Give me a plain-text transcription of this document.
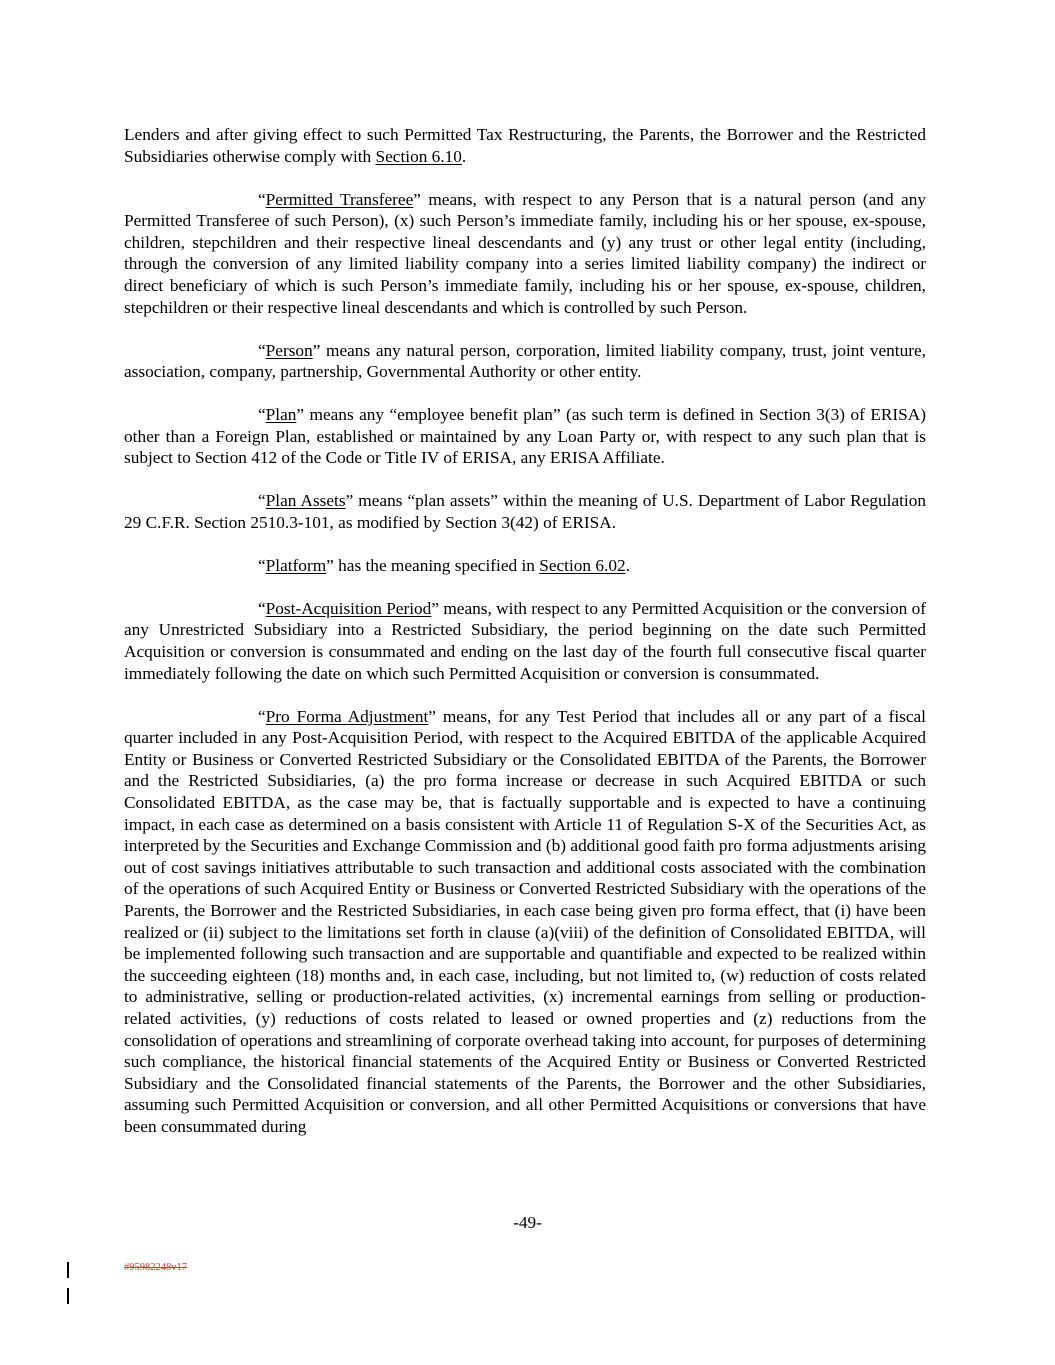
Lenders and after giving effect to such Permitted Tax Restructuring, the Parents, the Borrower and the Restricted Subsidiaries otherwise comply with Section 6.10.

“Permitted Transferee” means, with respect to any Person that is a natural person (and any Permitted Transferee of such Person), (x) such Person’s immediate family, including his or her spouse, ex-spouse, children, stepchildren and their respective lineal descendants and (y) any trust or other legal entity (including, through the conversion of any limited liability company into a series limited liability company) the indirect or direct beneficiary of which is such Person’s immediate family, including his or her spouse, ex-spouse, children, stepchildren or their respective lineal descendants and which is controlled by such Person.

“Person” means any natural person, corporation, limited liability company, trust, joint venture, association, company, partnership, Governmental Authority or other entity.

“Plan” means any “employee benefit plan” (as such term is defined in Section 3(3) of ERISA) other than a Foreign Plan, established or maintained by any Loan Party or, with respect to any such plan that is subject to Section 412 of the Code or Title IV of ERISA, any ERISA Affiliate.

“Plan Assets” means “plan assets” within the meaning of U.S. Department of Labor Regulation 29 C.F.R. Section 2510.3-101, as modified by Section 3(42) of ERISA.

“Platform” has the meaning specified in Section 6.02.

“Post-Acquisition Period” means, with respect to any Permitted Acquisition or the conversion of any Unrestricted Subsidiary into a Restricted Subsidiary, the period beginning on the date such Permitted Acquisition or conversion is consummated and ending on the last day of the fourth full consecutive fiscal quarter immediately following the date on which such Permitted Acquisition or conversion is consummated.

“Pro Forma Adjustment” means, for any Test Period that includes all or any part of a fiscal quarter included in any Post-Acquisition Period, with respect to the Acquired EBITDA of the applicable Acquired Entity or Business or Converted Restricted Subsidiary or the Consolidated EBITDA of the Parents, the Borrower and the Restricted Subsidiaries, (a) the pro forma increase or decrease in such Acquired EBITDA or such Consolidated EBITDA, as the case may be, that is factually supportable and is expected to have a continuing impact, in each case as determined on a basis consistent with Article 11 of Regulation S-X of the Securities Act, as interpreted by the Securities and Exchange Commission and (b) additional good faith pro forma adjustments arising out of cost savings initiatives attributable to such transaction and additional costs associated with the combination of the operations of such Acquired Entity or Business or Converted Restricted Subsidiary with the operations of the Parents, the Borrower and the Restricted Subsidiaries, in each case being given pro forma effect, that (i) have been realized or (ii) subject to the limitations set forth in clause (a)(viii) of the definition of Consolidated EBITDA, will be implemented following such transaction and are supportable and quantifiable and expected to be realized within the succeeding eighteen (18) months and, in each case, including, but not limited to, (w) reduction of costs related to administrative, selling or production-related activities, (x) incremental earnings from selling or production-related activities, (y) reductions of costs related to leased or owned properties and (z) reductions from the consolidation of operations and streamlining of corporate overhead taking into account, for purposes of determining such compliance, the historical financial statements of the Acquired Entity or Business or Converted Restricted Subsidiary and the Consolidated financial statements of the Parents, the Borrower and the other Subsidiaries, assuming such Permitted Acquisition or conversion, and all other Permitted Acquisitions or conversions that have been consummated during

-49-
#95982248v17
